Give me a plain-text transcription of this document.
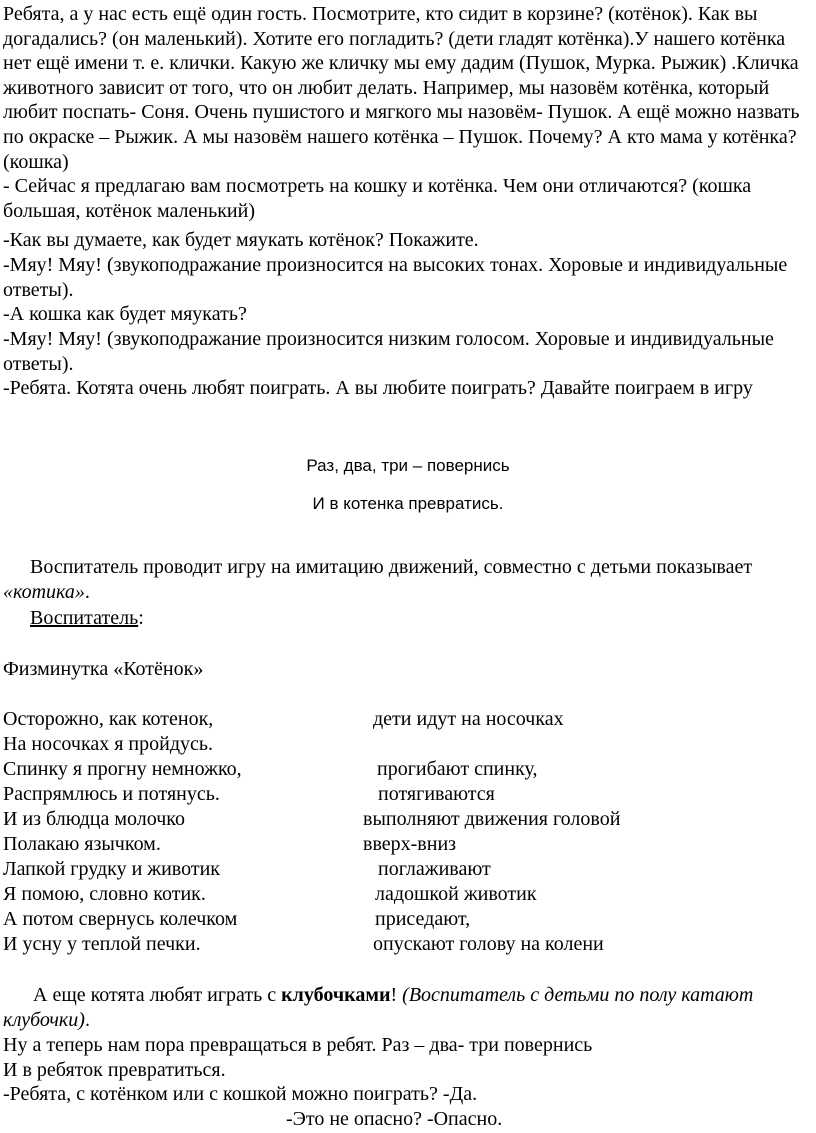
Ребята, а у нас есть ещё один гость. Посмотрите, кто сидит в корзине? (котёнок). Как вы догадались? (он маленький). Хотите его погладить? (дети гладят котёнка).У нашего котёнка нет ещё имени т. е. клички. Какую же кличку мы ему дадим (Пушок, Мурка. Рыжик) .Кличка животного зависит от того, что он любит делать. Например, мы назовём котёнка, который любит поспать- Соня. Очень пушистого и мягкого мы назовём- Пушок. А ещё можно назвать по окраске – Рыжик. А мы назовём нашего котёнка – Пушок. Почему? А кто мама у котёнка? (кошка)
- Сейчас я предлагаю вам посмотреть на кошку и котёнка. Чем они отличаются? (кошка большая, котёнок маленький)
-Как вы думаете, как будет мяукать котёнок? Покажите.
-Мяу! Мяу! (звукоподражание произносится на высоких тонах. Хоровые и индивидуальные ответы).
-А кошка как будет мяукать?
-Мяу! Мяу! (звукоподражание произносится низким голосом. Хоровые и индивидуальные ответы).
-Ребята. Котята очень любят поиграть. А вы любите поиграть? Давайте поиграем в игру
Раз, два, три – повернись
И в котенка превратись.
Воспитатель проводит игру на имитацию движений, совместно с детьми показывает «котика».
Воспитатель:
Физминутка «Котёнок»
Осторожно, как котенок,	дети идут на носочках
На носочках я пройдусь.
Спинку я прогну немножко,	прогибают спинку,
Распрямлюсь и потянусь.	потягиваются
И из блюдца молочко	выполняют движения головой
Полакаю язычком.	вверх-вниз
Лапкой грудку и животик	поглаживают
Я помою, словно котик.	ладошкой животик
А потом свернусь колечком	приседают,
И усну у теплой печки.	опускают голову на колени
А еще котята любят играть с клубочками! (Воспитатель с детьми по полу катают клубочки).
Ну а теперь нам пора превращаться в ребят. Раз – два- три повернись
И в ребяток превратиться.
-Ребята, с котёнком или с кошкой можно поиграть? -Да.
-Это не опасно? -Опасно.
